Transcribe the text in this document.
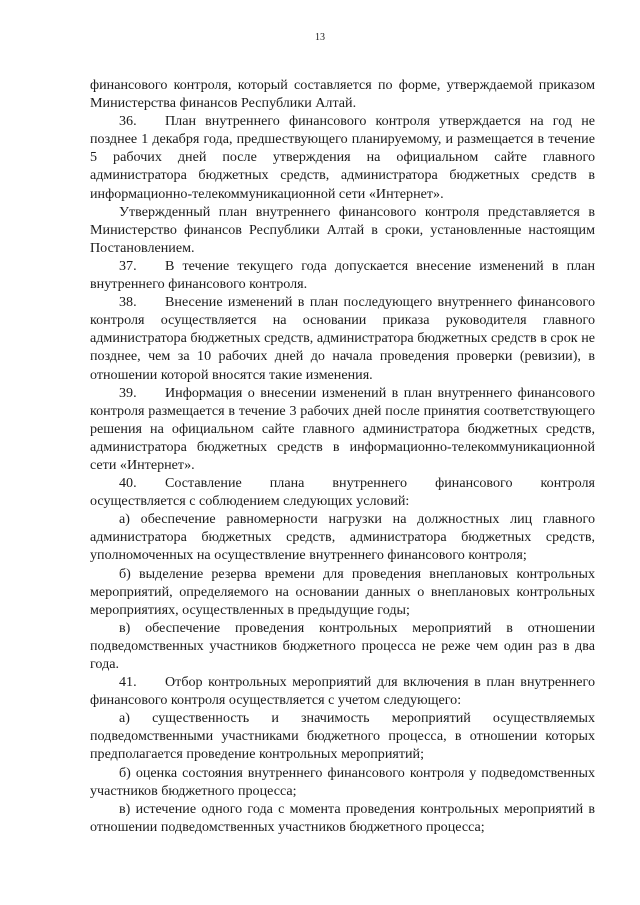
13

финансового контроля, который составляется по форме, утверждаемой приказом Министерства финансов Республики Алтай.

36. План внутреннего финансового контроля утверждается на год не позднее 1 декабря года, предшествующего планируемому, и размещается в течение 5 рабочих дней после утверждения на официальном сайте главного администратора бюджетных средств, администратора бюджетных средств в информационно-телекоммуникационной сети «Интернет».

Утвержденный план внутреннего финансового контроля представляется в Министерство финансов Республики Алтай в сроки, установленные настоящим Постановлением.

37. В течение текущего года допускается внесение изменений в план внутреннего финансового контроля.

38. Внесение изменений в план последующего внутреннего финансового контроля осуществляется на основании приказа руководителя главного администратора бюджетных средств, администратора бюджетных средств в срок не позднее, чем за 10 рабочих дней до начала проведения проверки (ревизии), в отношении которой вносятся такие изменения.

39. Информация о внесении изменений в план внутреннего финансового контроля размещается в течение 3 рабочих дней после принятия соответствующего решения на официальном сайте главного администратора бюджетных средств, администратора бюджетных средств в информационно-телекоммуникационной сети «Интернет».

40. Составление плана внутреннего финансового контроля осуществляется с соблюдением следующих условий:

а) обеспечение равномерности нагрузки на должностных лиц главного администратора бюджетных средств, администратора бюджетных средств, уполномоченных на осуществление внутреннего финансового контроля;

б) выделение резерва времени для проведения внеплановых контрольных мероприятий, определяемого на основании данных о внеплановых контрольных мероприятиях, осуществленных в предыдущие годы;

в) обеспечение проведения контрольных мероприятий в отношении подведомственных участников бюджетного процесса не реже чем один раз в два года.

41. Отбор контрольных мероприятий для включения в план внутреннего финансового контроля осуществляется с учетом следующего:

а) существенность и значимость мероприятий осуществляемых подведомственными участниками бюджетного процесса, в отношении которых предполагается проведение контрольных мероприятий;

б) оценка состояния внутреннего финансового контроля у подведомственных участников бюджетного процесса;

в) истечение одного года с момента проведения контрольных мероприятий в отношении подведомственных участников бюджетного процесса;
